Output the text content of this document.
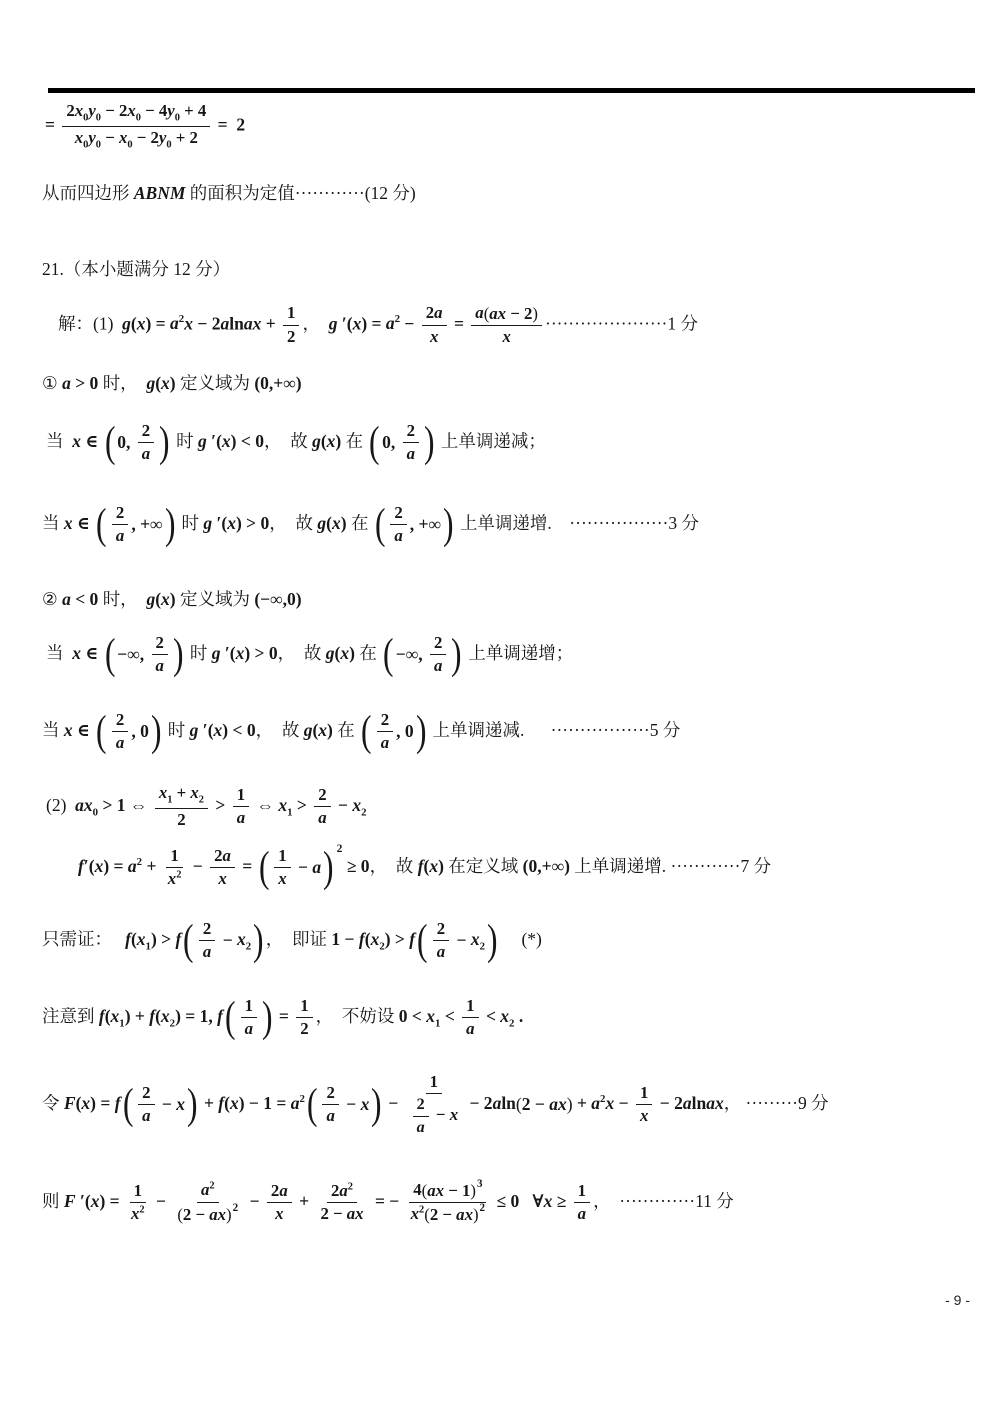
= $\frac{2x_0y_0 - 2x_0 - 4y_0 + 4}{x_0y_0 - x_0 - 2y_0 + 2} = 2$
从而四边形 ABNM 的面积为定值············(12 分)
21.（本小题满分 12 分）
解：(1)  $g(x) = a^2x$ − 2alnax + $\frac{1}{2}$ ，  g $'(x) = a^2 - \frac{2a}{x} = \frac{a ( ax - 2 )}{x} \cdot\cdot\cdot\cdot\cdot\cdot\cdot\cdot\cdot\cdot\cdot\cdot\cdot\cdot\cdot\cdot\cdot\cdot\cdot\cdot\cdot 1$ 分
① a > 0 时，  g(x) 定义域为 (0,+∞)
当  x ∈ ( 0, $\frac{2}{a}$ ) 时 g ′(x) < 0，  故 g(x) 在 ( 0, $\frac{2}{a}$ ) 上单调递减；
当 x ∈ ( $\frac{2}{a}$ , +∞ ) 时 g ′(x) > 0，  故 g(x) 在 ( $\frac{2}{a}$ , +∞ ) 上单调递增.    ·················3 分
② a < 0 时，  g(x) 定义域为 (−∞,0)
当  x ∈ ( −∞, $\frac{2}{a}$ ) 时 g ′(x) > 0，  故 g(x) 在 ( −∞, $\frac{2}{a}$ ) 上单调递增；
当 x ∈ ( $\frac{2}{a}$ , 0 ) 时 g ′(x) < 0，  故 g(x) 在 ( $\frac{2}{a}$ , 0 ) 上单调递减.      ·················5 分
(2)  $ax_0 > 1$ ⇔ $\frac{x_1 + x_2}{2} > \frac{1}{a}$ ⇔ $x_1 > \frac{2}{a} - x_2$
$f'(x) = a^2 + \frac{1}{x^2} - \frac{2a}{x}$ = ( $\frac{1}{x} - a$ ) 2
≥ 0，  故 f(x) 在定义域 (0,+∞) 上单调递增. ············7 分
只需证：   $f(x_1) > f$ ( $\frac{2}{a} - x_2$ ) ，  即证 $1 - f(x_2) > f$ ( $\frac{2}{a} - x_2$ ) (*)
注意到 $f(x_1) + f(x_2) = 1$, f ( $\frac{1}{a}$ ) = $\frac{1}{2}$ ，  不妨设 $0 < x_1 < \frac{1}{a} < x_2$ .
令 F(x) = f ( $\frac{2}{a} - x$ ) + $f(x) - 1 = a^2$ ( $\frac{2}{a} - x$ ) − $\frac{1}{\frac{2}{a} - x} - 2aln$ ( 2 − ax ) + $a^2x - \frac{1}{x}$ − 2alnax， ·········9 分
则 F $'(x) = \frac{1}{x^2} - \frac{a^2}{( 2 - ax ) 2} - \frac{2a}{x} + \frac{2a^2}{2 - ax}$ = − $\frac{4 ( ax - 1 ) 3}{x^2 ( 2 - ax ) 2} \le 0$ ∀x ≥ $\frac{1}{a}$ ，  ·············11 分
- 9 -
